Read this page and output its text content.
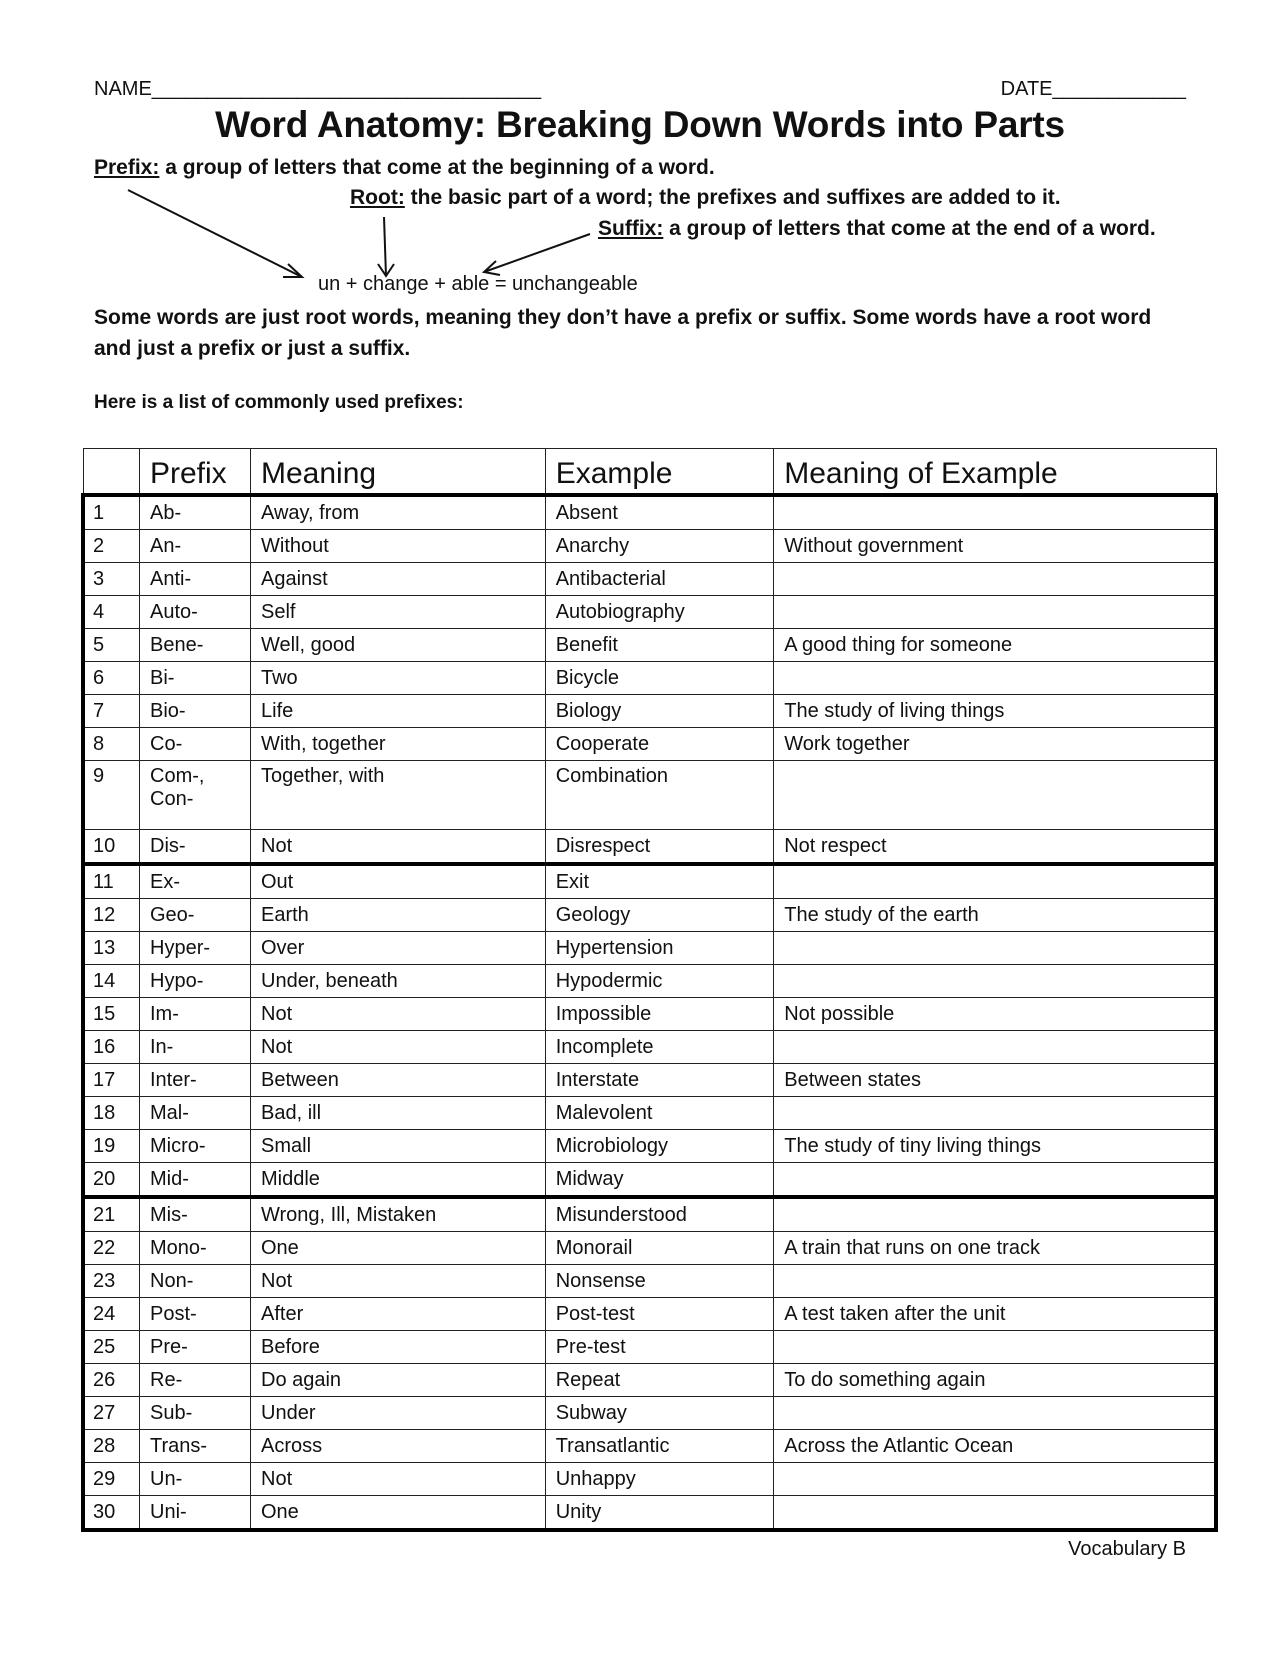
NAME___________________________________	DATE____________
Word Anatomy: Breaking Down Words into Parts
Prefix: a group of letters that come at the beginning of a word.
Root: the basic part of a word; the prefixes and suffixes are added to it.
Suffix: a group of letters that come at the end of a word.
un + change + able = unchangeable
Some words are just root words, meaning they don’t have a prefix or suffix. Some words have a root word and just a prefix or just a suffix.
Here is a list of commonly used prefixes:
	Prefix	Meaning	Example	Meaning of Example
1	Ab-	Away, from	Absent	
2	An-	Without	Anarchy	Without government
3	Anti-	Against	Antibacterial	
4	Auto-	Self	Autobiography	
5	Bene-	Well, good	Benefit	A good thing for someone
6	Bi-	Two	Bicycle	
7	Bio-	Life	Biology	The study of living things
8	Co-	With, together	Cooperate	Work together
9	Com-,
Con-	Together, with	Combination	
10	Dis-	Not	Disrespect	Not respect
11	Ex-	Out	Exit	
12	Geo-	Earth	Geology	The study of the earth
13	Hyper-	Over	Hypertension	
14	Hypo-	Under, beneath	Hypodermic	
15	Im-	Not	Impossible	Not possible
16	In-	Not	Incomplete	
17	Inter-	Between	Interstate	Between states
18	Mal-	Bad, ill	Malevolent	
19	Micro-	Small	Microbiology	The study of tiny living things
20	Mid-	Middle	Midway	
21	Mis-	Wrong, Ill, Mistaken	Misunderstood	
22	Mono-	One	Monorail	A train that runs on one track
23	Non-	Not	Nonsense	
24	Post-	After	Post-test	A test taken after the unit
25	Pre-	Before	Pre-test	
26	Re-	Do again	Repeat	To do something again
27	Sub-	Under	Subway	
28	Trans-	Across	Transatlantic	Across the Atlantic Ocean
29	Un-	Not	Unhappy	
30	Uni-	One	Unity	
Vocabulary B
